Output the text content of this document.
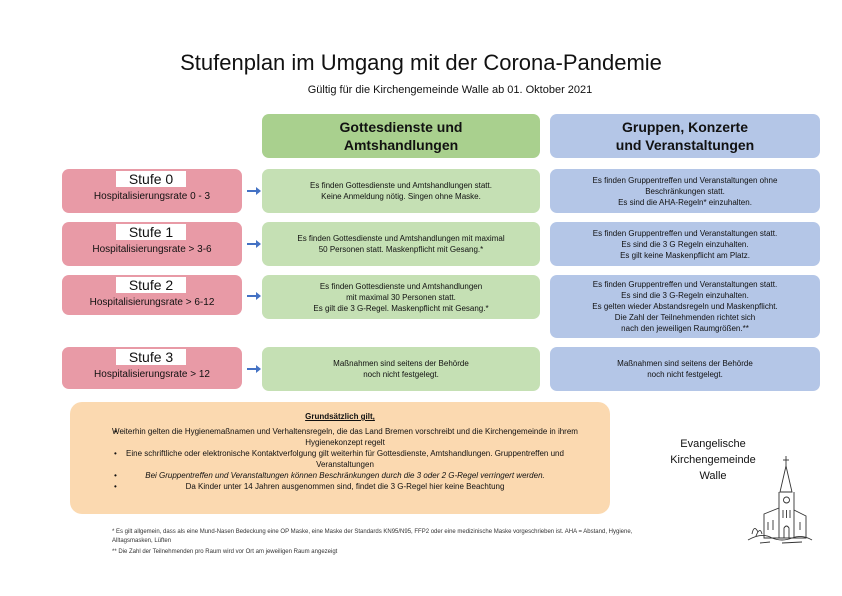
Stufenplan im Umgang mit der Corona-Pandemie
Gültig für die Kirchengemeinde Walle ab 01. Oktober 2021
Gottesdienste und
Amtshandlungen
Gruppen, Konzerte
und Veranstaltungen
Stufe 0
Hospitalisierungsrate 0 - 3
Es finden Gottesdienste und Amtshandlungen statt.
Keine Anmeldung nötig. Singen ohne Maske.
Es finden Gruppentreffen und Veranstaltungen ohne
Beschränkungen statt.
Es sind die AHA-Regeln* einzuhalten.
Stufe 1
Hospitalisierungsrate > 3-6
Es finden Gottesdienste und Amtshandlungen mit maximal
50 Personen statt. Maskenpflicht mit Gesang.*
Es finden Gruppentreffen und Veranstaltungen statt.
Es sind die 3 G Regeln einzuhalten.
Es gilt keine Maskenpflicht am Platz.
Stufe 2
Hospitalisierungsrate > 6-12
Es finden Gottesdienste und Amtshandlungen
mit maximal 30 Personen statt.
Es gilt die 3 G-Regel. Maskenpflicht mit Gesang.*
Es finden Gruppentreffen und Veranstaltungen statt.
Es sind die 3 G-Regeln einzuhalten.
Es gelten wieder Abstandsregeln und Maskenpflicht.
Die Zahl der Teilnehmenden richtet sich
nach den jeweiligen Raumgrößen.**
Stufe 3
Hospitalisierungsrate > 12
Maßnahmen sind seitens der Behörde
noch nicht festgelegt.
Maßnahmen sind seitens der Behörde
noch nicht festgelegt.
Grundsätzlich gilt,
• Weiterhin gelten die Hygienemaßnamen und Verhaltensregeln, die das Land Bremen vorschreibt und die Kirchengemeinde in ihrem Hygienekonzept regelt
• Eine schriftliche oder elektronische Kontaktverfolgung gilt weiterhin für Gottesdienste, Amtshandlungen. Gruppentreffen und Veranstaltungen
• Bei Gruppentreffen und Veranstaltungen können Beschränkungen durch die 3 oder 2 G-Regel verringert werden.
• Da Kinder unter 14 Jahren ausgenommen sind, findet die 3 G-Regel hier keine Beachtung
* Es gilt allgemein, dass als eine Mund-Nasen Bedeckung eine OP Maske, eine Maske der Standards KN95/N95, FFP2 oder eine medizinische Maske vorgeschrieben ist. AHA = Abstand, Hygiene, Alltagsmasken, Lüften
** Die Zahl der Teilnehmenden pro Raum wird vor Ort am jeweiligen Raum angezeigt
Evangelische
Kirchengemeinde
Walle
